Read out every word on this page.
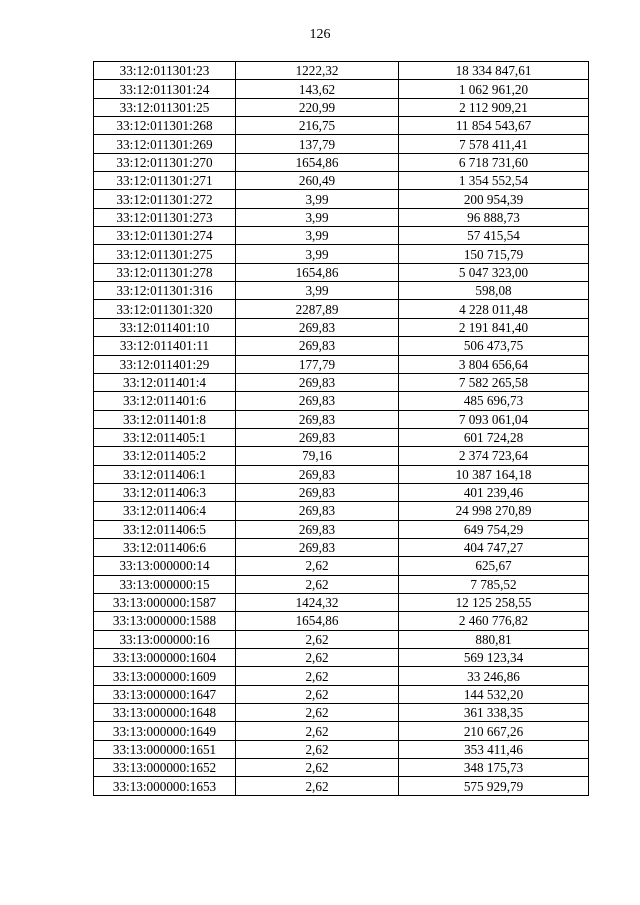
126
33:12:011301:23	1222,32	18 334 847,61
33:12:011301:24	143,62	1 062 961,20
33:12:011301:25	220,99	2 112 909,21
33:12:011301:268	216,75	11 854 543,67
33:12:011301:269	137,79	7 578 411,41
33:12:011301:270	1654,86	6 718 731,60
33:12:011301:271	260,49	1 354 552,54
33:12:011301:272	3,99	200 954,39
33:12:011301:273	3,99	96 888,73
33:12:011301:274	3,99	57 415,54
33:12:011301:275	3,99	150 715,79
33:12:011301:278	1654,86	5 047 323,00
33:12:011301:316	3,99	598,08
33:12:011301:320	2287,89	4 228 011,48
33:12:011401:10	269,83	2 191 841,40
33:12:011401:11	269,83	506 473,75
33:12:011401:29	177,79	3 804 656,64
33:12:011401:4	269,83	7 582 265,58
33:12:011401:6	269,83	485 696,73
33:12:011401:8	269,83	7 093 061,04
33:12:011405:1	269,83	601 724,28
33:12:011405:2	79,16	2 374 723,64
33:12:011406:1	269,83	10 387 164,18
33:12:011406:3	269,83	401 239,46
33:12:011406:4	269,83	24 998 270,89
33:12:011406:5	269,83	649 754,29
33:12:011406:6	269,83	404 747,27
33:13:000000:14	2,62	625,67
33:13:000000:15	2,62	7 785,52
33:13:000000:1587	1424,32	12 125 258,55
33:13:000000:1588	1654,86	2 460 776,82
33:13:000000:16	2,62	880,81
33:13:000000:1604	2,62	569 123,34
33:13:000000:1609	2,62	33 246,86
33:13:000000:1647	2,62	144 532,20
33:13:000000:1648	2,62	361 338,35
33:13:000000:1649	2,62	210 667,26
33:13:000000:1651	2,62	353 411,46
33:13:000000:1652	2,62	348 175,73
33:13:000000:1653	2,62	575 929,79
